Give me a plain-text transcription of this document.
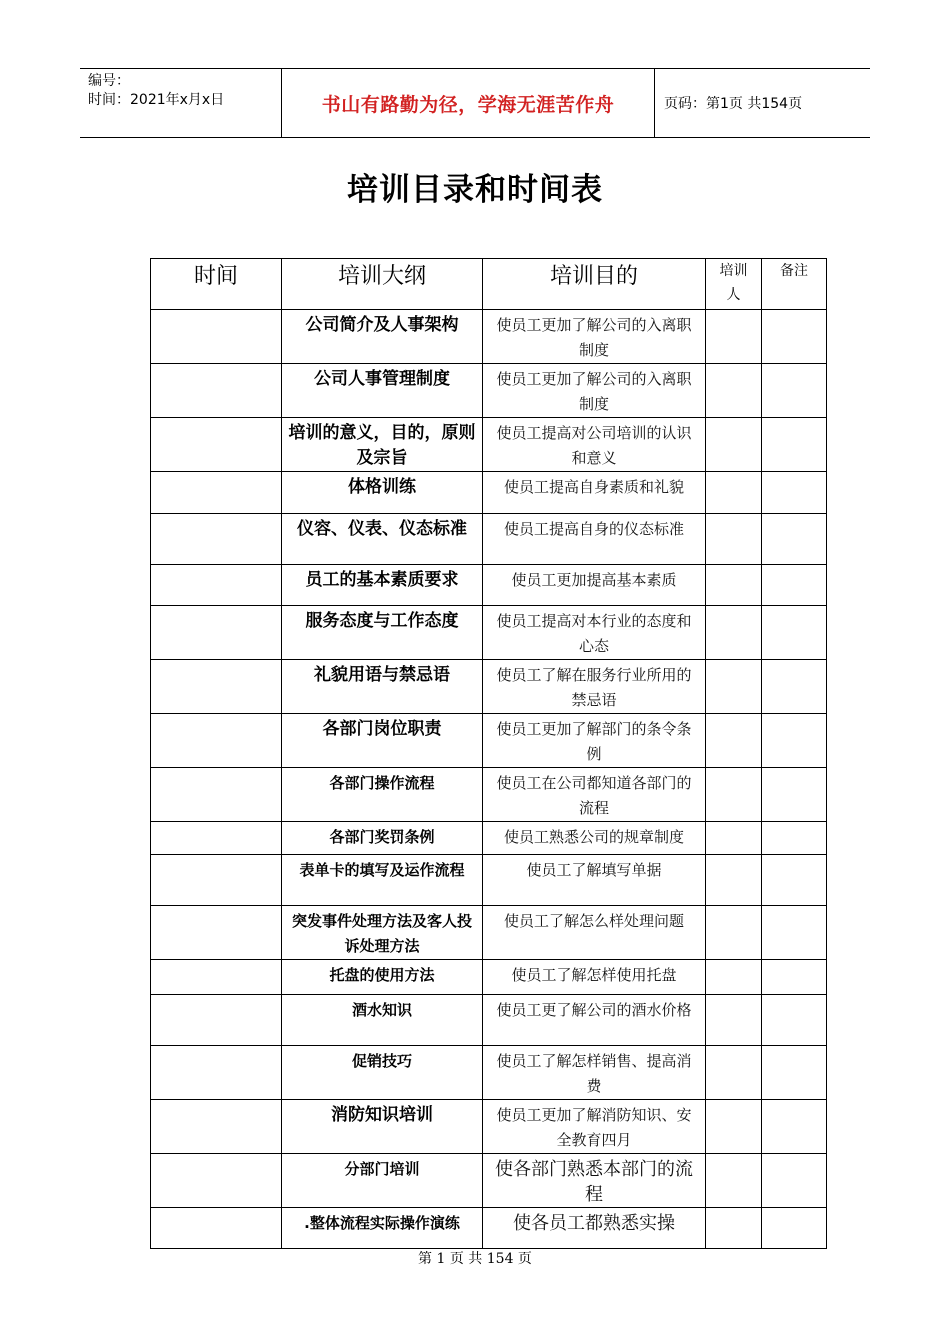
编号：
时间：2021年x月x日	书山有路勤为径，学海无涯苦作舟	页码：第1页 共154页
培训目录和时间表
时间	培训大纲	培训目的	培训人	备注

	公司简介及人事架构	使员工更加了解公司的入离职制度		

	公司人事管理制度	使员工更加了解公司的入离职制度		

	培训的意义，目的，原则及宗旨	使员工提高对公司培训的认识和意义		

	体格训练	使员工提高自身素质和礼貌		

	仪容、仪表、仪态标准	使员工提高自身的仪态标准		

	员工的基本素质要求	使员工更加提高基本素质		

	服务态度与工作态度	使员工提高对本行业的态度和心态		

	礼貌用语与禁忌语	使员工了解在服务行业所用的禁忌语		

	各部门岗位职责	使员工更加了解部门的条令条例		

	各部门操作流程	使员工在公司都知道各部门的流程		

	各部门奖罚条例	使员工熟悉公司的规章制度		

	表单卡的填写及运作流程	使员工了解填写单据		

	突发事件处理方法及客人投诉处理方法	使员工了解怎么样处理问题		

	托盘的使用方法	使员工了解怎样使用托盘		

	酒水知识	使员工更了解公司的酒水价格		

	促销技巧	使员工了解怎样销售、提高消费		

	消防知识培训	使员工更加了解消防知识、安全教育四月		

	分部门培训	使各部门熟悉本部门的流程		

	.整体流程实际操作演练	使各员工都熟悉实操		

第 1 页 共 154 页
